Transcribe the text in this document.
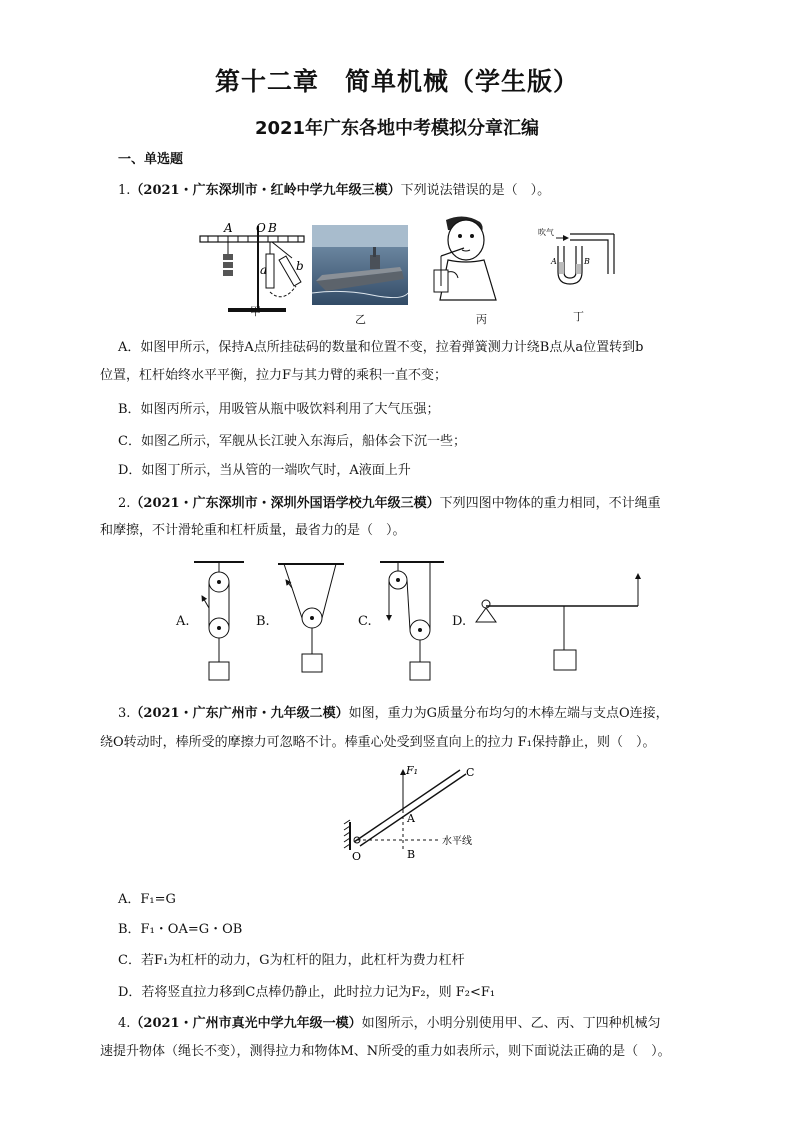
第十二章　简单机械（学生版）
2021年广东各地中考模拟分章汇编
一、单选题
1.（2021・广东深圳市・红岭中学九年级三模）下列说法错误的是（　）。
A O B
a b
甲
乙	丙
吹气
A	B
丁
A．如图甲所示，保持A点所挂砝码的数量和位置不变，拉着弹簧测力计绕B点从a位置转到b
位置，杠杆始终水平平衡，拉力F与其力臂的乘积一直不变；
B．如图丙所示，用吸管从瓶中吸饮料利用了大气压强；
C．如图乙所示，军舰从长江驶入东海后，船体会下沉一些；
D．如图丁所示，当从管的一端吹气时，A液面上升
2.（2021・广东深圳市・深圳外国语学校九年级三模）下列四图中物体的重力相同，不计绳重
和摩擦，不计滑轮重和杠杆质量，最省力的是（　）。
A.	B.	C.	D.
3.（2021・广东广州市・九年级二模）如图，重力为G质量分布均匀的木棒左端与支点O连接，
绕O转动时，棒所受的摩擦力可忽略不计。棒重心处受到竖直向上的拉力 F₁保持静止，则（　）。
F₁	C
A
B
O
水平线
A．F₁=G
B．F₁・OA=G・OB
C．若F₁为杠杆的动力，G为杠杆的阻力，此杠杆为费力杠杆
D．若将竖直拉力移到C点棒仍静止，此时拉力记为F₂，则 F₂<F₁
4.（2021・广州市真光中学九年级一模）如图所示，小明分别使用甲、乙、丙、丁四种机械匀
速提升物体（绳长不变），测得拉力和物体M、N所受的重力如表所示，则下面说法正确的是（　）。
